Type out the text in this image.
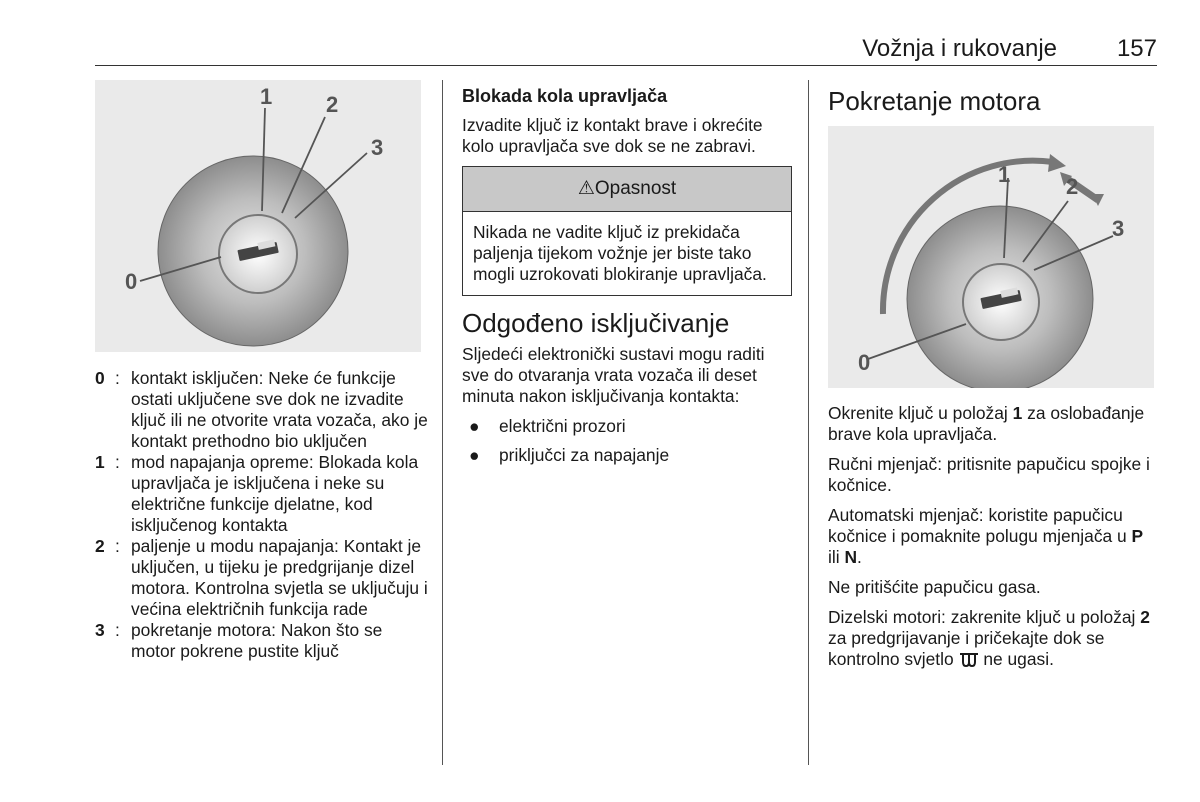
Vožnja i rukovanje 157
0
1 2
3
0 : kontakt isključen: Neke će funkcije ostati uključene sve dok ne izvadite ključ ili ne otvorite vrata vozača, ako je kontakt prethodno bio uključen
1 : mod napajanja opreme: Blokada kola upravljača je isključena i neke su električne funkcije djelatne, kod isključenog kontakta
2 : paljenje u modu napajanja: Kontakt je uključen, u tijeku je predgrijanje dizel motora. Kontrolna svjetla se uključuju i većina električnih funkcija rade
3 : pokretanje motora: Nakon što se motor pokrene pustite ključ
Blokada kola upravljača

Izvadite ključ iz kontakt brave i okrećite kolo upravljača sve dok se ne zabravi.

⚠Opasnost
Nikada ne vadite ključ iz prekidača paljenja tijekom vožnje jer biste tako mogli uzrokovati blokiranje upravljača.
Odgođeno isključivanje

Sljedeći elektronički sustavi mogu raditi sve do otvaranja vrata vozača ili deset minuta nakon isključivanja kontakta:

●	električni prozori
●	priključci za napajanje
Pokretanje motora
0
1	2
3

Okrenite ključ u položaj 1 za oslobađanje brave kola upravljača.

Ručni mjenjač: pritisnite papučicu spojke i kočnice.

Automatski mjenjač: koristite papučicu kočnice i pomaknite polugu mjenjača u P ili N.

Ne pritišćite papučicu gasa.

Dizelski motori: zakrenite ključ u položaj 2 za predgrijavanje i pričekajte dok se kontrolno svjetlo  ne ugasi.
